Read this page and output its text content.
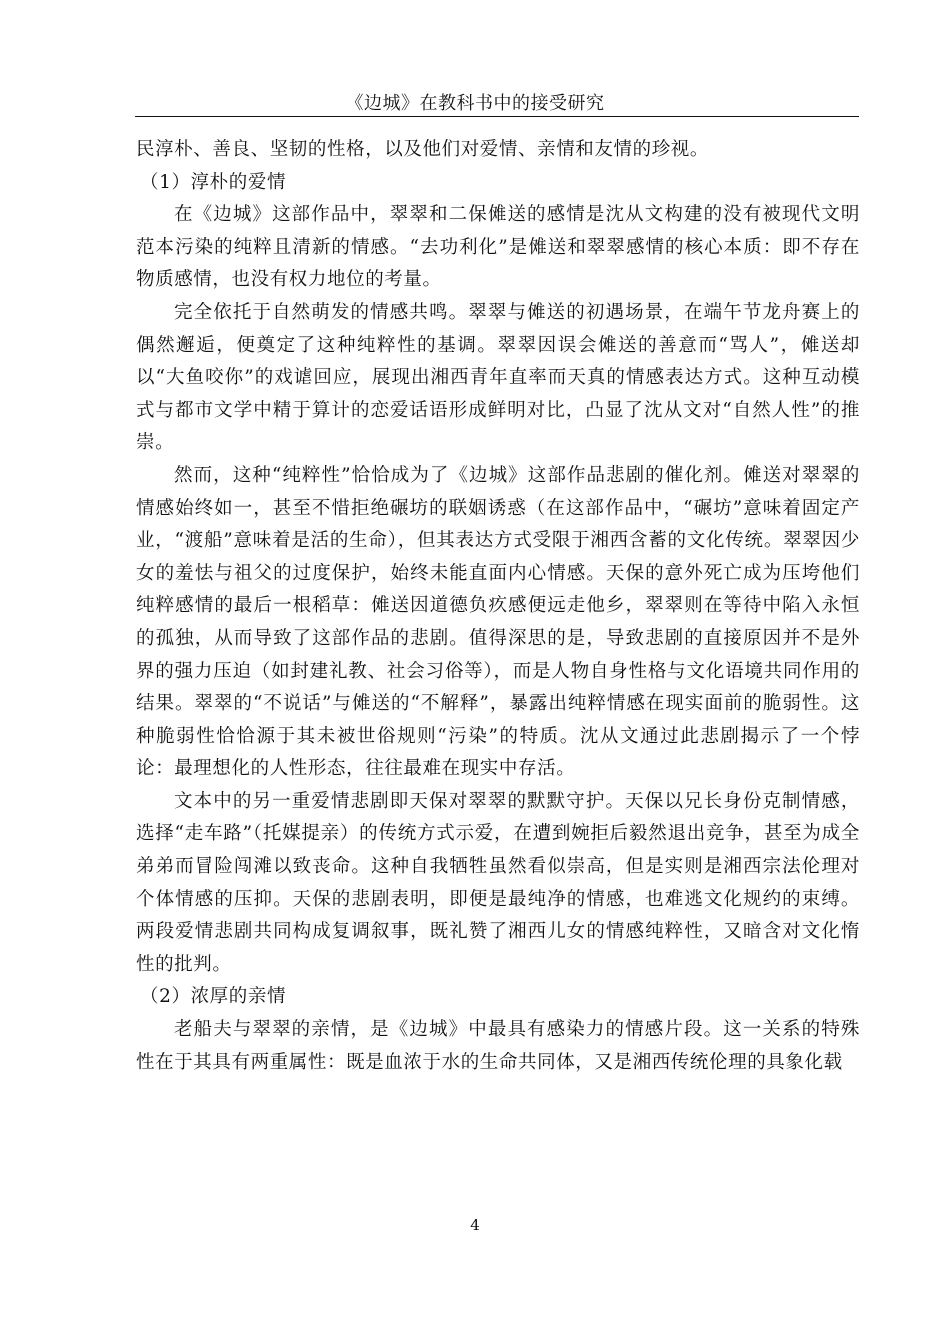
《边城》在教科书中的接受研究

民淳朴、善良、坚韧的性格，以及他们对爱情、亲情和友情的珍视。

（1）淳朴的爱情

在《边城》这部作品中，翠翠和二保傩送的感情是沈从文构建的没有被现代文明范本污染的纯粹且清新的情感。“去功利化”是傩送和翠翠感情的核心本质：即不存在物质感情，也没有权力地位的考量。

完全依托于自然萌发的情感共鸣。翠翠与傩送的初遇场景，在端午节龙舟赛上的偶然邂逅，便奠定了这种纯粹性的基调。翠翠因误会傩送的善意而“骂人”，傩送却以“大鱼咬你”的戏谑回应，展现出湘西青年直率而天真的情感表达方式。这种互动模式与都市文学中精于算计的恋爱话语形成鲜明对比，凸显了沈从文对“自然人性”的推崇。

然而，这种“纯粹性”恰恰成为了《边城》这部作品悲剧的催化剂。傩送对翠翠的情感始终如一，甚至不惜拒绝碾坊的联姻诱惑（在这部作品中，“碾坊”意味着固定产业，“渡船”意味着是活的生命），但其表达方式受限于湘西含蓄的文化传统。翠翠因少女的羞怯与祖父的过度保护，始终未能直面内心情感。天保的意外死亡成为压垮他们纯粹感情的最后一根稻草：傩送因道德负疚感便远走他乡，翠翠则在等待中陷入永恒的孤独，从而导致了这部作品的悲剧。值得深思的是，导致悲剧的直接原因并不是外界的强力压迫（如封建礼教、社会习俗等），而是人物自身性格与文化语境共同作用的结果。翠翠的“不说话”与傩送的“不解释”，暴露出纯粹情感在现实面前的脆弱性。这种脆弱性恰恰源于其未被世俗规则“污染”的特质。沈从文通过此悲剧揭示了一个悖论：最理想化的人性形态，往往最难在现实中存活。

文本中的另一重爱情悲剧即天保对翠翠的默默守护。天保以兄长身份克制情感，选择“走车路”（托媒提亲）的传统方式示爱，在遭到婉拒后毅然退出竞争，甚至为成全弟弟而冒险闯滩以致丧命。这种自我牺牲虽然看似崇高，但是实则是湘西宗法伦理对个体情感的压抑。天保的悲剧表明，即便是最纯净的情感，也难逃文化规约的束缚。两段爱情悲剧共同构成复调叙事，既礼赞了湘西儿女的情感纯粹性，又暗含对文化惰性的批判。

（2）浓厚的亲情

老船夫与翠翠的亲情，是《边城》中最具有感染力的情感片段。这一关系的特殊性在于其具有两重属性：既是血浓于水的生命共同体，又是湘西传统伦理的具象化载

4
